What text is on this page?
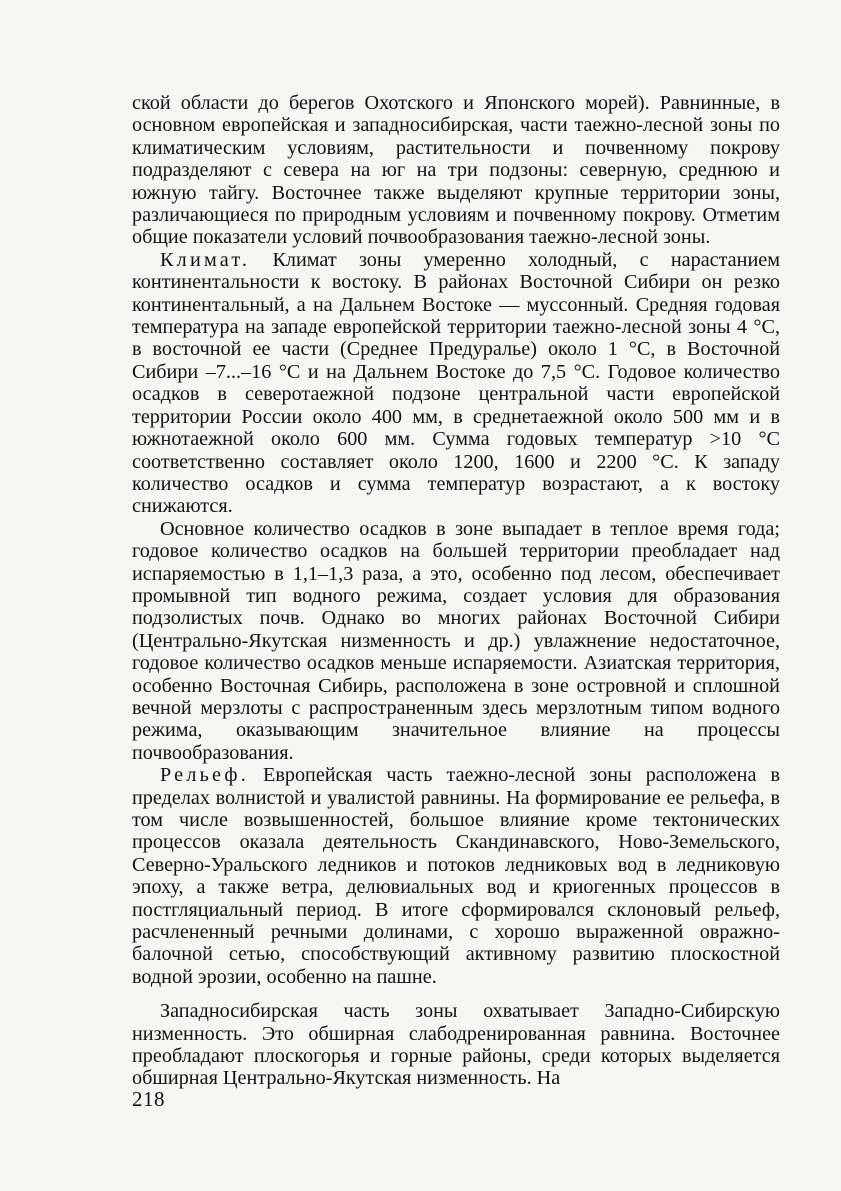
ской области до берегов Охотского и Японского морей). Равнинные, в основном европейская и западносибирская, части таежно-лесной зоны по климатическим условиям, растительности и почвенному покрову подразделяют с севера на юг на три подзоны: северную, среднюю и южную тайгу. Восточнее также выделяют крупные территории зоны, различающиеся по природным условиям и почвенному покрову. Отметим общие показатели условий почвообразования таежно-лесной зоны.

Климат. Климат зоны умеренно холодный, с нарастанием континентальности к востоку. В районах Восточной Сибири он резко континентальный, а на Дальнем Востоке — муссонный. Средняя годовая температура на западе европейской территории таежно-лесной зоны 4 °С, в восточной ее части (Среднее Предуралье) около 1 °С, в Восточной Сибири –7...–16 °С и на Дальнем Востоке до 7,5 °С. Годовое количество осадков в северотаежной подзоне центральной части европейской территории России около 400 мм, в среднетаежной около 500 мм и в южнотаежной около 600 мм. Сумма годовых температур >10 °С соответственно составляет около 1200, 1600 и 2200 °С. К западу количество осадков и сумма температур возрастают, а к востоку снижаются.

Основное количество осадков в зоне выпадает в теплое время года; годовое количество осадков на большей территории преобладает над испаряемостью в 1,1–1,3 раза, а это, особенно под лесом, обеспечивает промывной тип водного режима, создает условия для образования подзолистых почв. Однако во многих районах Восточной Сибири (Центрально-Якутская низменность и др.) увлажнение недостаточное, годовое количество осадков меньше испаряемости. Азиатская территория, особенно Восточная Сибирь, расположена в зоне островной и сплошной вечной мерзлоты с распространенным здесь мерзлотным типом водного режима, оказывающим значительное влияние на процессы почвообразования.

Рельеф. Европейская часть таежно-лесной зоны расположена в пределах волнистой и увалистой равнины. На формирование ее рельефа, в том числе возвышенностей, большое влияние кроме тектонических процессов оказала деятельность Скандинавского, Ново-Земельского, Северно-Уральского ледников и потоков ледниковых вод в ледниковую эпоху, а также ветра, делювиальных вод и криогенных процессов в постгляциальный период. В итоге сформировался склоновый рельеф, расчлененный речными долинами, с хорошо выраженной овражно-балочной сетью, способствующий активному развитию плоскостной водной эрозии, особенно на пашне.

Западносибирская часть зоны охватывает Западно-Сибирскую низменность. Это обширная слабодренированная равнина. Восточнее преобладают плоскогорья и горные районы, среди которых выделяется обширная Центрально-Якутская низменность. На

218
